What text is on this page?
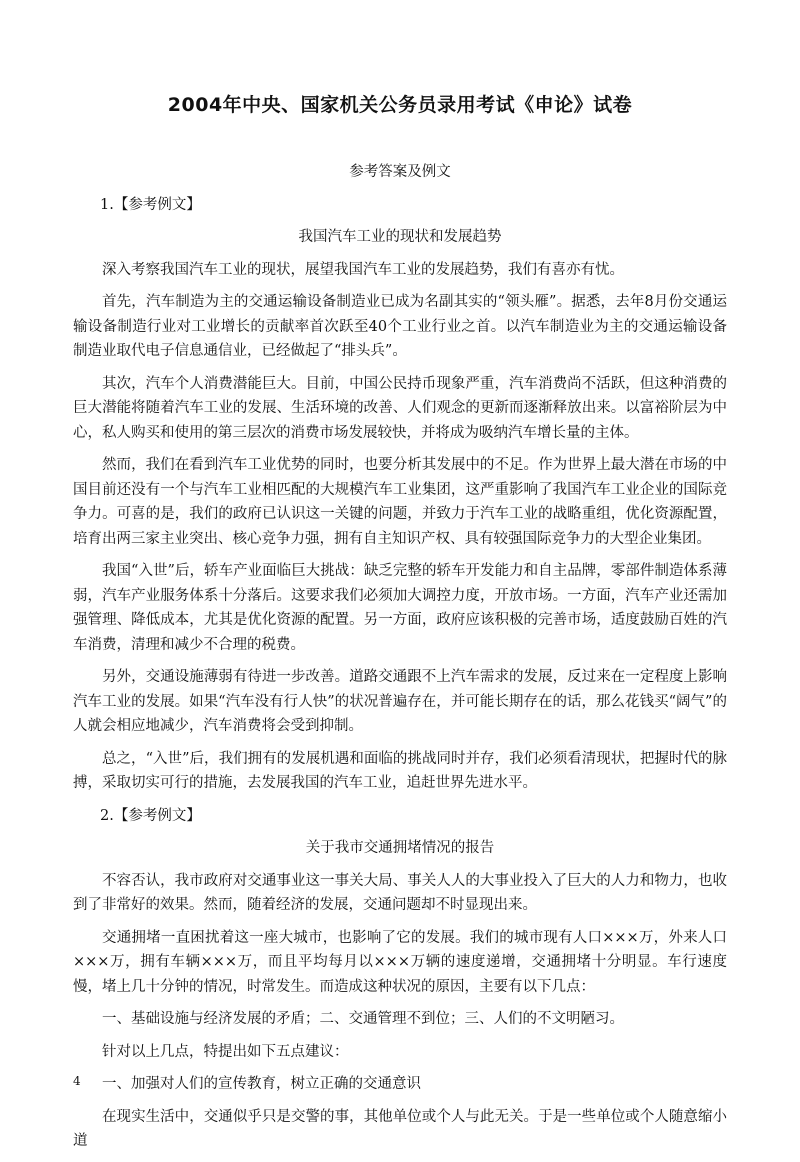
2004年中央、国家机关公务员录用考试《申论》试卷

参考答案及例文

1.【参考例文】

我国汽车工业的现状和发展趋势

深入考察我国汽车工业的现状，展望我国汽车工业的发展趋势，我们有喜亦有忧。

首先，汽车制造为主的交通运输设备制造业已成为名副其实的“领头雁”。据悉，去年8月份交通运输设备制造行业对工业增长的贡献率首次跃至40个工业行业之首。以汽车制造业为主的交通运输设备制造业取代电子信息通信业，已经做起了“排头兵”。

其次，汽车个人消费潜能巨大。目前，中国公民持币现象严重，汽车消费尚不活跃，但这种消费的巨大潜能将随着汽车工业的发展、生活环境的改善、人们观念的更新而逐渐释放出来。以富裕阶层为中心，私人购买和使用的第三层次的消费市场发展较快，并将成为吸纳汽车增长量的主体。

然而，我们在看到汽车工业优势的同时，也要分析其发展中的不足。作为世界上最大潜在市场的中国目前还没有一个与汽车工业相匹配的大规模汽车工业集团，这严重影响了我国汽车工业企业的国际竞争力。可喜的是，我们的政府已认识这一关键的问题，并致力于汽车工业的战略重组，优化资源配置，培育出两三家主业突出、核心竞争力强，拥有自主知识产权、具有较强国际竞争力的大型企业集团。

我国“入世”后，轿车产业面临巨大挑战：缺乏完整的轿车开发能力和自主品牌，零部件制造体系薄弱，汽车产业服务体系十分落后。这要求我们必须加大调控力度，开放市场。一方面，汽车产业还需加强管理、降低成本，尤其是优化资源的配置。另一方面，政府应该积极的完善市场，适度鼓励百姓的汽车消费，清理和减少不合理的税费。

另外，交通设施薄弱有待进一步改善。道路交通跟不上汽车需求的发展，反过来在一定程度上影响汽车工业的发展。如果“汽车没有行人快”的状况普遍存在，并可能长期存在的话，那么花钱买“阔气”的人就会相应地减少，汽车消费将会受到抑制。

总之，“入世”后，我们拥有的发展机遇和面临的挑战同时并存，我们必须看清现状，把握时代的脉搏，采取切实可行的措施，去发展我国的汽车工业，追赶世界先进水平。

2.【参考例文】

关于我市交通拥堵情况的报告

不容否认，我市政府对交通事业这一事关大局、事关人人的大事业投入了巨大的人力和物力，也收到了非常好的效果。然而，随着经济的发展，交通问题却不时显现出来。

交通拥堵一直困扰着这一座大城市，也影响了它的发展。我们的城市现有人口×××万，外来人口×××万，拥有车辆×××万，而且平均每月以×××万辆的速度递增，交通拥堵十分明显。车行速度慢，堵上几十分钟的情况，时常发生。而造成这种状况的原因，主要有以下几点：

一、基础设施与经济发展的矛盾；二、交通管理不到位；三、人们的不文明陋习。

针对以上几点，特提出如下五点建议：

一、加强对人们的宣传教育，树立正确的交通意识

在现实生活中，交通似乎只是交警的事，其他单位或个人与此无关。于是一些单位或个人随意缩小道

4
